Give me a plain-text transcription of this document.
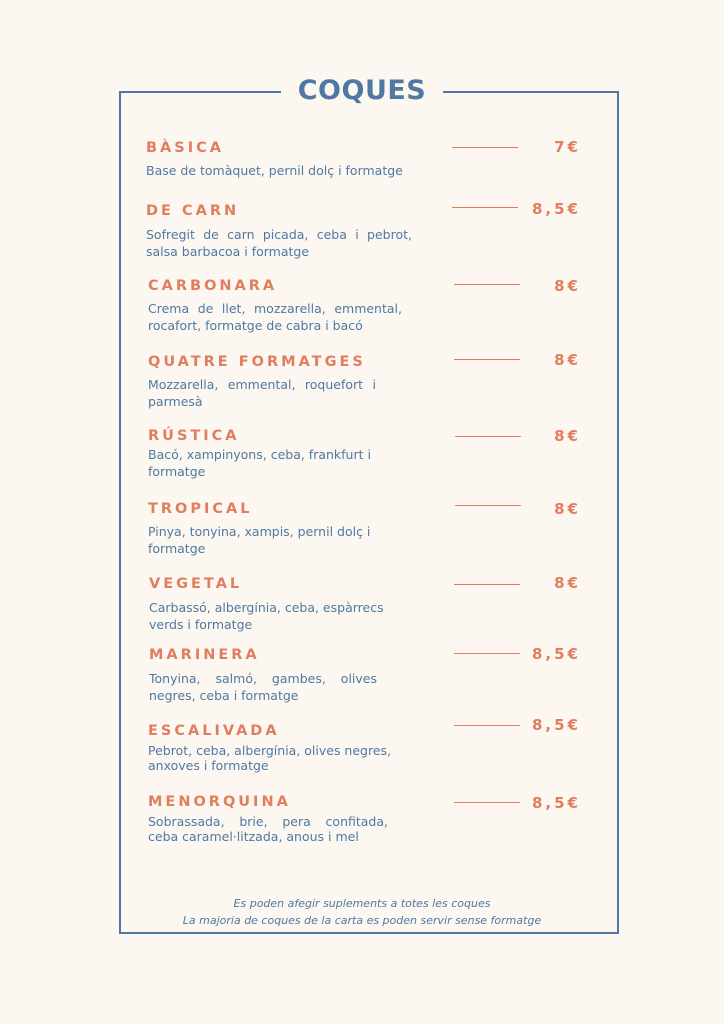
COQUES
BÀSICA
Base de tomàquet, pernil dolç i formatge
7€
DE CARN
Sofregit de carn picada, ceba i pebrot, salsa barbacoa i formatge
8,5€
CARBONARA
Crema de llet, mozzarella, emmental, rocafort, formatge de cabra i bacó
8€
QUATRE FORMATGES
Mozzarella, emmental, roquefort i parmesà
8€
RÚSTICA
Bacó, xampinyons, ceba, frankfurt i formatge
8€
TROPICAL
Pinya, tonyina, xampis, pernil dolç i formatge
8€
VEGETAL
Carbassó, albergínia, ceba, espàrrecs verds i formatge
8€
MARINERA
Tonyina, salmó, gambes, olives negres, ceba i formatge
8,5€
ESCALIVADA
Pebrot, ceba, albergínia, olives negres, anxoves i formatge
8,5€
MENORQUINA
Sobrassada, brie, pera confitada, ceba caramel·litzada, anous i mel
8,5€
Es poden afegir suplements a totes les coques
La majoria de coques de la carta es poden servir sense formatge
